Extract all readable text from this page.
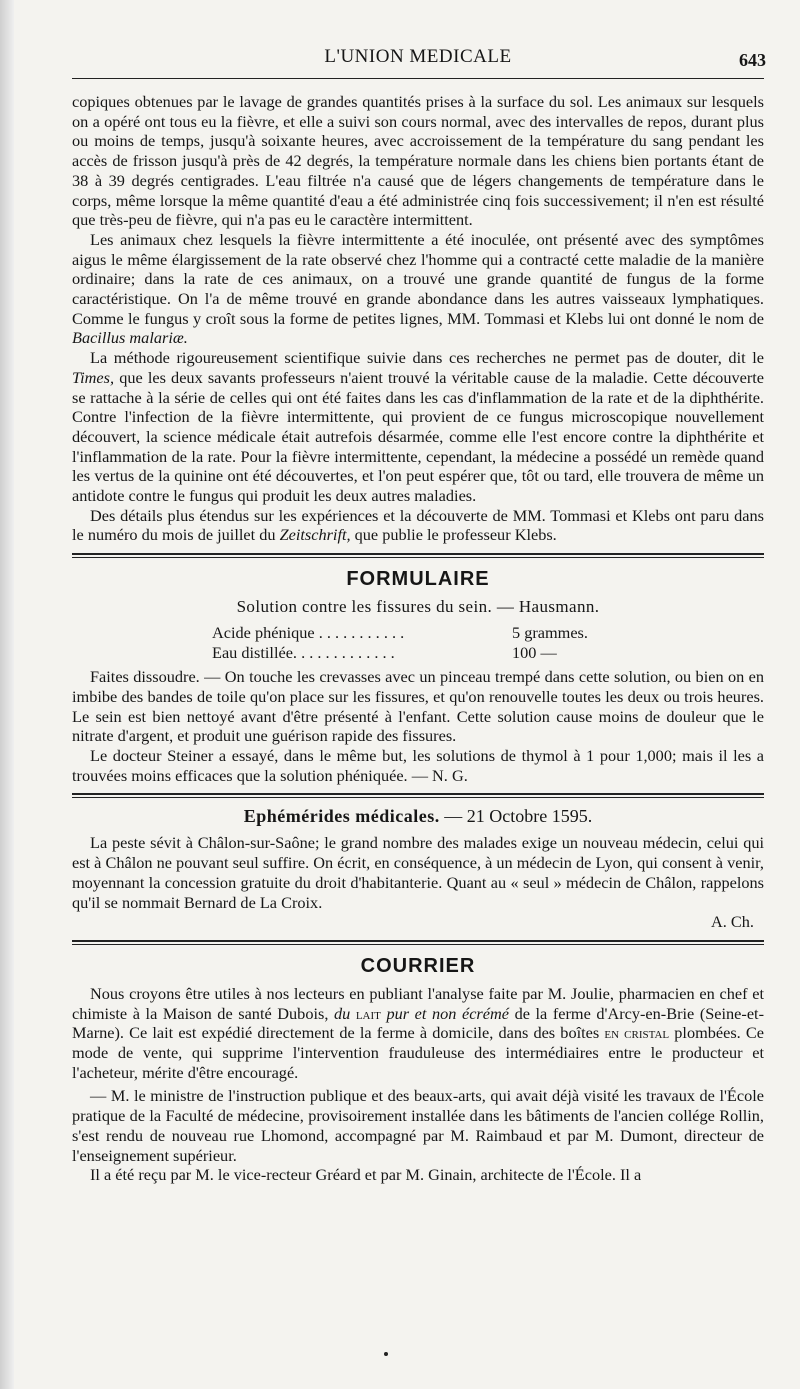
L'UNION MEDICALE	643

copiques obtenues par le lavage de grandes quantités prises à la surface du sol. Les animaux sur lesquels on a opéré ont tous eu la fièvre, et elle a suivi son cours normal, avec des intervalles de repos, durant plus ou moins de temps, jusqu'à soixante heures, avec accroissement de la température du sang pendant les accès de frisson jusqu'à près de 42 degrés, la température normale dans les chiens bien portants étant de 38 à 39 degrés centigrades. L'eau filtrée n'a causé que de légers changements de température dans le corps, même lorsque la même quantité d'eau a été administrée cinq fois successivement; il n'en est résulté que très-peu de fièvre, qui n'a pas eu le caractère intermittent.

Les animaux chez lesquels la fièvre intermittente a été inoculée, ont présenté avec des symptômes aigus le même élargissement de la rate observé chez l'homme qui a contracté cette maladie de la manière ordinaire; dans la rate de ces animaux, on a trouvé une grande quantité de fungus de la forme caractéristique. On l'a de même trouvé en grande abondance dans les autres vaisseaux lymphatiques. Comme le fungus y croît sous la forme de petites lignes, MM. Tommasi et Klebs lui ont donné le nom de Bacillus malariæ.

La méthode rigoureusement scientifique suivie dans ces recherches ne permet pas de douter, dit le Times, que les deux savants professeurs n'aient trouvé la véritable cause de la maladie. Cette découverte se rattache à la série de celles qui ont été faites dans les cas d'inflammation de la rate et de la diphthérite. Contre l'infection de la fièvre intermittente, qui provient de ce fungus microscopique nouvellement découvert, la science médicale était autrefois désarmée, comme elle l'est encore contre la diphthérite et l'inflammation de la rate. Pour la fièvre intermittente, cependant, la médecine a possédé un remède quand les vertus de la quinine ont été découvertes, et l'on peut espérer que, tôt ou tard, elle trouvera de même un antidote contre le fungus qui produit les deux autres maladies.

Des détails plus étendus sur les expériences et la découverte de MM. Tommasi et Klebs ont paru dans le numéro du mois de juillet du Zeitschrift, que publie le professeur Klebs.

FORMULAIRE
Solution contre les fissures du sein. — Hausmann.
Acide phénique . . . . . . . . . . .	5 grammes.
Eau distillée. . . . . . . . . . . . .	100 —

Faites dissoudre. — On touche les crevasses avec un pinceau trempé dans cette solution, ou bien on en imbibe des bandes de toile qu'on place sur les fissures, et qu'on renouvelle toutes les deux ou trois heures. Le sein est bien nettoyé avant d'être présenté à l'enfant. Cette solution cause moins de douleur que le nitrate d'argent, et produit une guérison rapide des fissures.

Le docteur Steiner a essayé, dans le même but, les solutions de thymol à 1 pour 1,000; mais il les a trouvées moins efficaces que la solution phéniquée. — N. G.

Ephémérides médicales. — 21 Octobre 1595.

La peste sévit à Châlon-sur-Saône; le grand nombre des malades exige un nouveau médecin, celui qui est à Châlon ne pouvant seul suffire. On écrit, en conséquence, à un médecin de Lyon, qui consent à venir, moyennant la concession gratuite du droit d'habitanterie. Quant au « seul » médecin de Châlon, rappelons qu'il se nommait Bernard de La Croix.

A. Ch.

COURRIER

Nous croyons être utiles à nos lecteurs en publiant l'analyse faite par M. Joulie, pharmacien en chef et chimiste à la Maison de santé Dubois, du lait pur et non écrémé de la ferme d'Arcy-en-Brie (Seine-et-Marne). Ce lait est expédié directement de la ferme à domicile, dans des boîtes en cristal plombées. Ce mode de vente, qui supprime l'intervention frauduleuse des intermédiaires entre le producteur et l'acheteur, mérite d'être encouragé.

— M. le ministre de l'instruction publique et des beaux-arts, qui avait déjà visité les travaux de l'École pratique de la Faculté de médecine, provisoirement installée dans les bâtiments de l'ancien collége Rollin, s'est rendu de nouveau rue Lhomond, accompagné par M. Raimbaud et par M. Dumont, directeur de l'enseignement supérieur.

Il a été reçu par M. le vice-recteur Gréard et par M. Ginain, architecte de l'École. Il a
